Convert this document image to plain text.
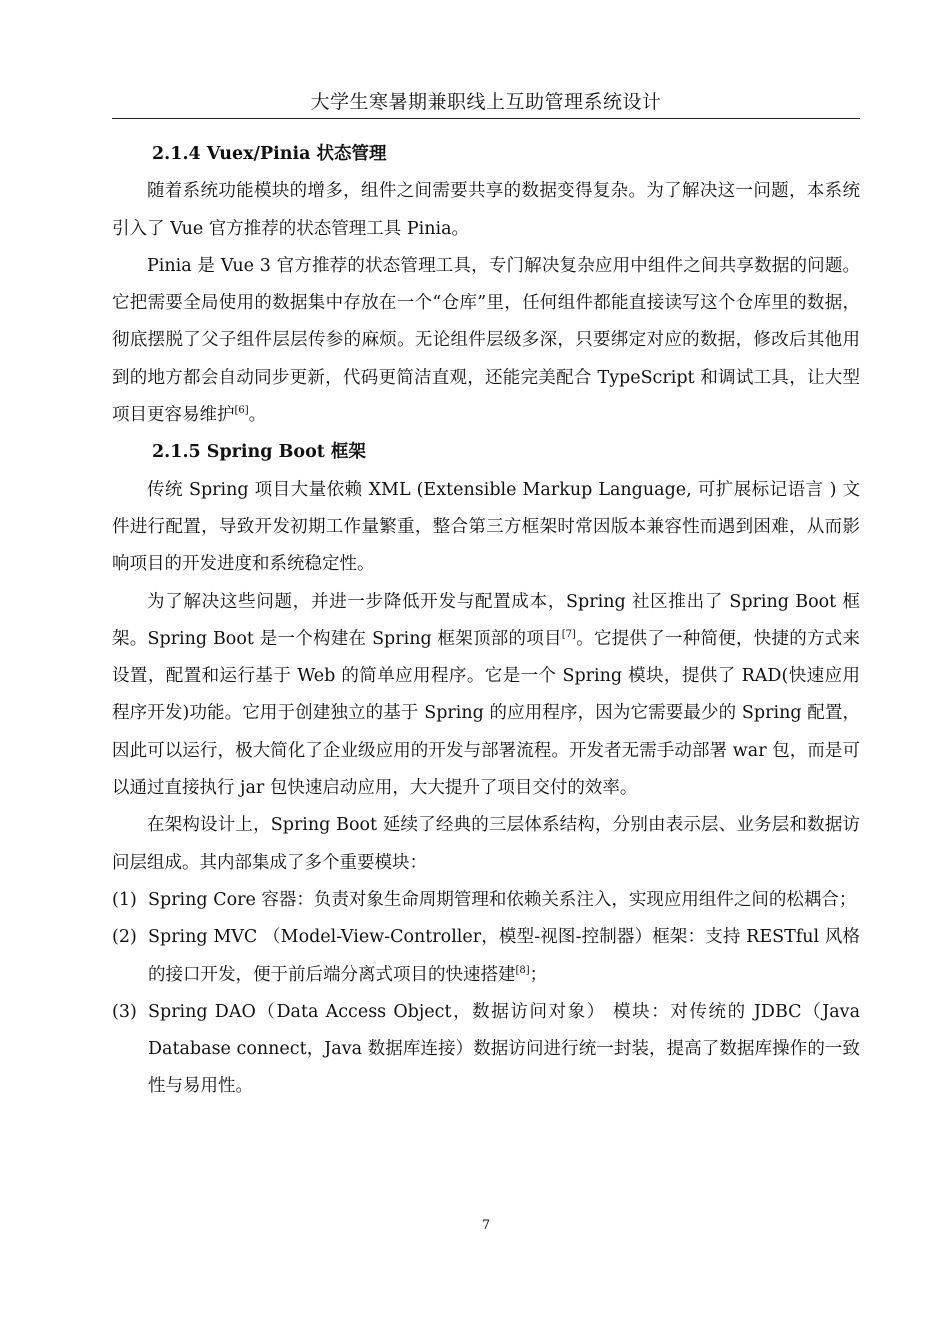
大学生寒暑期兼职线上互助管理系统设计

2.1.4 Vuex/Pinia 状态管理

随着系统功能模块的增多，组件之间需要共享的数据变得复杂。为了解决这一问题，本系统引入了 Vue 官方推荐的状态管理工具 Pinia。

Pinia 是 Vue 3 官方推荐的状态管理工具，专门解决复杂应用中组件之间共享数据的问题。它把需要全局使用的数据集中存放在一个“仓库”里，任何组件都能直接读写这个仓库里的数据，彻底摆脱了父子组件层层传参的麻烦。无论组件层级多深，只要绑定对应的数据，修改后其他用到的地方都会自动同步更新，代码更简洁直观，还能完美配合 TypeScript 和调试工具，让大型项目更容易维护[6]。

2.1.5 Spring Boot 框架

传统 Spring 项目大量依赖 XML (Extensible Markup Language, 可扩展标记语言 ) 文件进行配置，导致开发初期工作量繁重，整合第三方框架时常因版本兼容性而遇到困难，从而影响项目的开发进度和系统稳定性。

为了解决这些问题，并进一步降低开发与配置成本，Spring 社区推出了 Spring Boot 框架。Spring Boot 是一个构建在 Spring 框架顶部的项目[7]。它提供了一种简便，快捷的方式来设置，配置和运行基于 Web 的简单应用程序。它是一个 Spring 模块，提供了 RAD(快速应用程序开发)功能。它用于创建独立的基于 Spring 的应用程序，因为它需要最少的 Spring 配置，因此可以运行，极大简化了企业级应用的开发与部署流程。开发者无需手动部署 war 包，而是可以通过直接执行 jar 包快速启动应用，大大提升了项目交付的效率。

在架构设计上，Spring Boot 延续了经典的三层体系结构，分别由表示层、业务层和数据访问层组成。其内部集成了多个重要模块：

(1) Spring Core 容器：负责对象生命周期管理和依赖关系注入，实现应用组件之间的松耦合；

(2) Spring MVC （Model-View-Controller，模型-视图-控制器）框架：支持 RESTful 风格的接口开发，便于前后端分离式项目的快速搭建[8]；

(3) Spring DAO（Data Access Object，数据访问对象） 模块：对传统的 JDBC（Java Database connect，Java 数据库连接）数据访问进行统一封装，提高了数据库操作的一致性与易用性。

7
